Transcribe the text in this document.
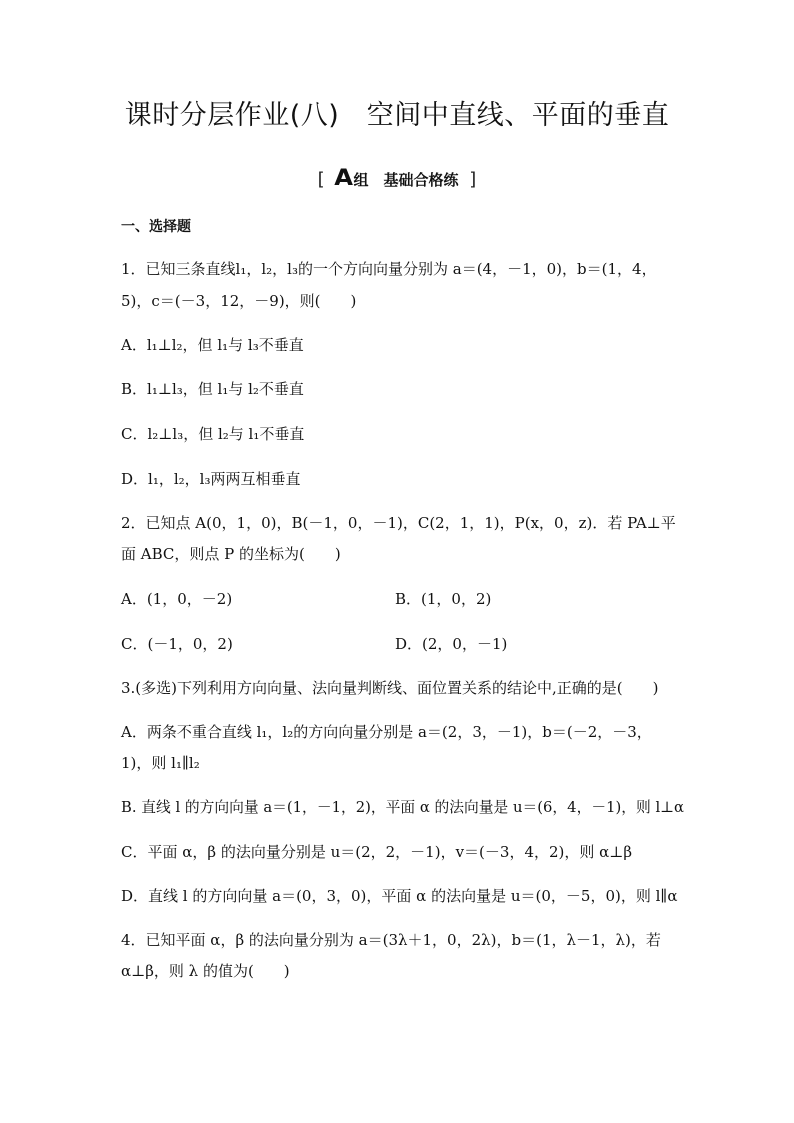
课时分层作业(八)　空间中直线、平面的垂直
[ A组　基础合格练 ]
一、选择题
1．已知三条直线l₁，l₂，l₃的一个方向向量分别为 a＝(4，－1，0)，b＝(1，4，
5)，c＝(－3，12，－9)，则(　　)
A．l₁⊥l₂，但 l₁与 l₃不垂直
B．l₁⊥l₃，但 l₁与 l₂不垂直
C．l₂⊥l₃，但 l₂与 l₁不垂直
D．l₁，l₂，l₃两两互相垂直
2．已知点 A(0，1，0)，B(－1，0，－1)，C(2，1，1)，P(x，0，z)．若 PA⊥平
面 ABC，则点 P 的坐标为(　　)
A．(1，0，－2)	B．(1，0，2)
C．(－1，0，2)	D．(2，0，－1)
3.(多选)下列利用方向向量、法向量判断线、面位置关系的结论中,正确的是(　　)
A．两条不重合直线 l₁，l₂的方向向量分别是 a＝(2，3，－1)，b＝(－2，－3，
1)，则 l₁∥l₂
B. 直线 l 的方向向量 a＝(1，－1，2)，平面 α 的法向量是 u＝(6，4，－1)，则 l⊥α
C．平面 α，β 的法向量分别是 u＝(2，2，－1)，v＝(－3，4，2)，则 α⊥β
D．直线 l 的方向向量 a＝(0，3，0)，平面 α 的法向量是 u＝(0，－5，0)，则 l∥α
4．已知平面 α，β 的法向量分别为 a＝(3λ＋1，0，2λ)，b＝(1，λ－1，λ)，若
α⊥β，则 λ 的值为(　　)
